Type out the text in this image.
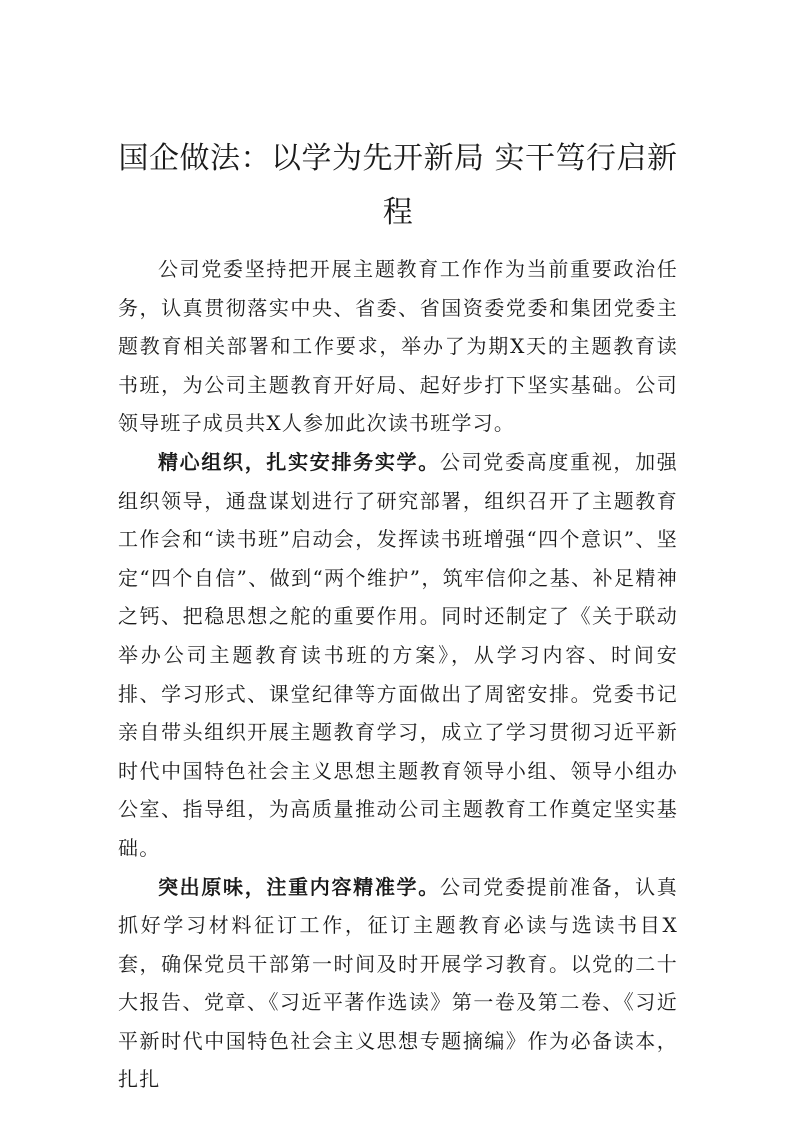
国企做法：以学为先开新局 实干笃行启新程

公司党委坚持把开展主题教育工作作为当前重要政治任务，认真贯彻落实中央、省委、省国资委党委和集团党委主题教育相关部署和工作要求，举办了为期X天的主题教育读书班，为公司主题教育开好局、起好步打下坚实基础。公司领导班子成员共X人参加此次读书班学习。

精心组织，扎实安排务实学。公司党委高度重视，加强组织领导，通盘谋划进行了研究部署，组织召开了主题教育工作会和“读书班”启动会，发挥读书班增强“四个意识”、坚定“四个自信”、做到“两个维护”，筑牢信仰之基、补足精神之钙、把稳思想之舵的重要作用。同时还制定了《关于联动举办公司主题教育读书班的方案》，从学习内容、时间安排、学习形式、课堂纪律等方面做出了周密安排。党委书记亲自带头组织开展主题教育学习，成立了学习贯彻习近平新时代中国特色社会主义思想主题教育领导小组、领导小组办公室、指导组，为高质量推动公司主题教育工作奠定坚实基础。

突出原味，注重内容精准学。公司党委提前准备，认真抓好学习材料征订工作，征订主题教育必读与选读书目X套，确保党员干部第一时间及时开展学习教育。以党的二十大报告、党章、《习近平著作选读》第一卷及第二卷、《习近平新时代中国特色社会主义思想专题摘编》作为必备读本，扎扎
